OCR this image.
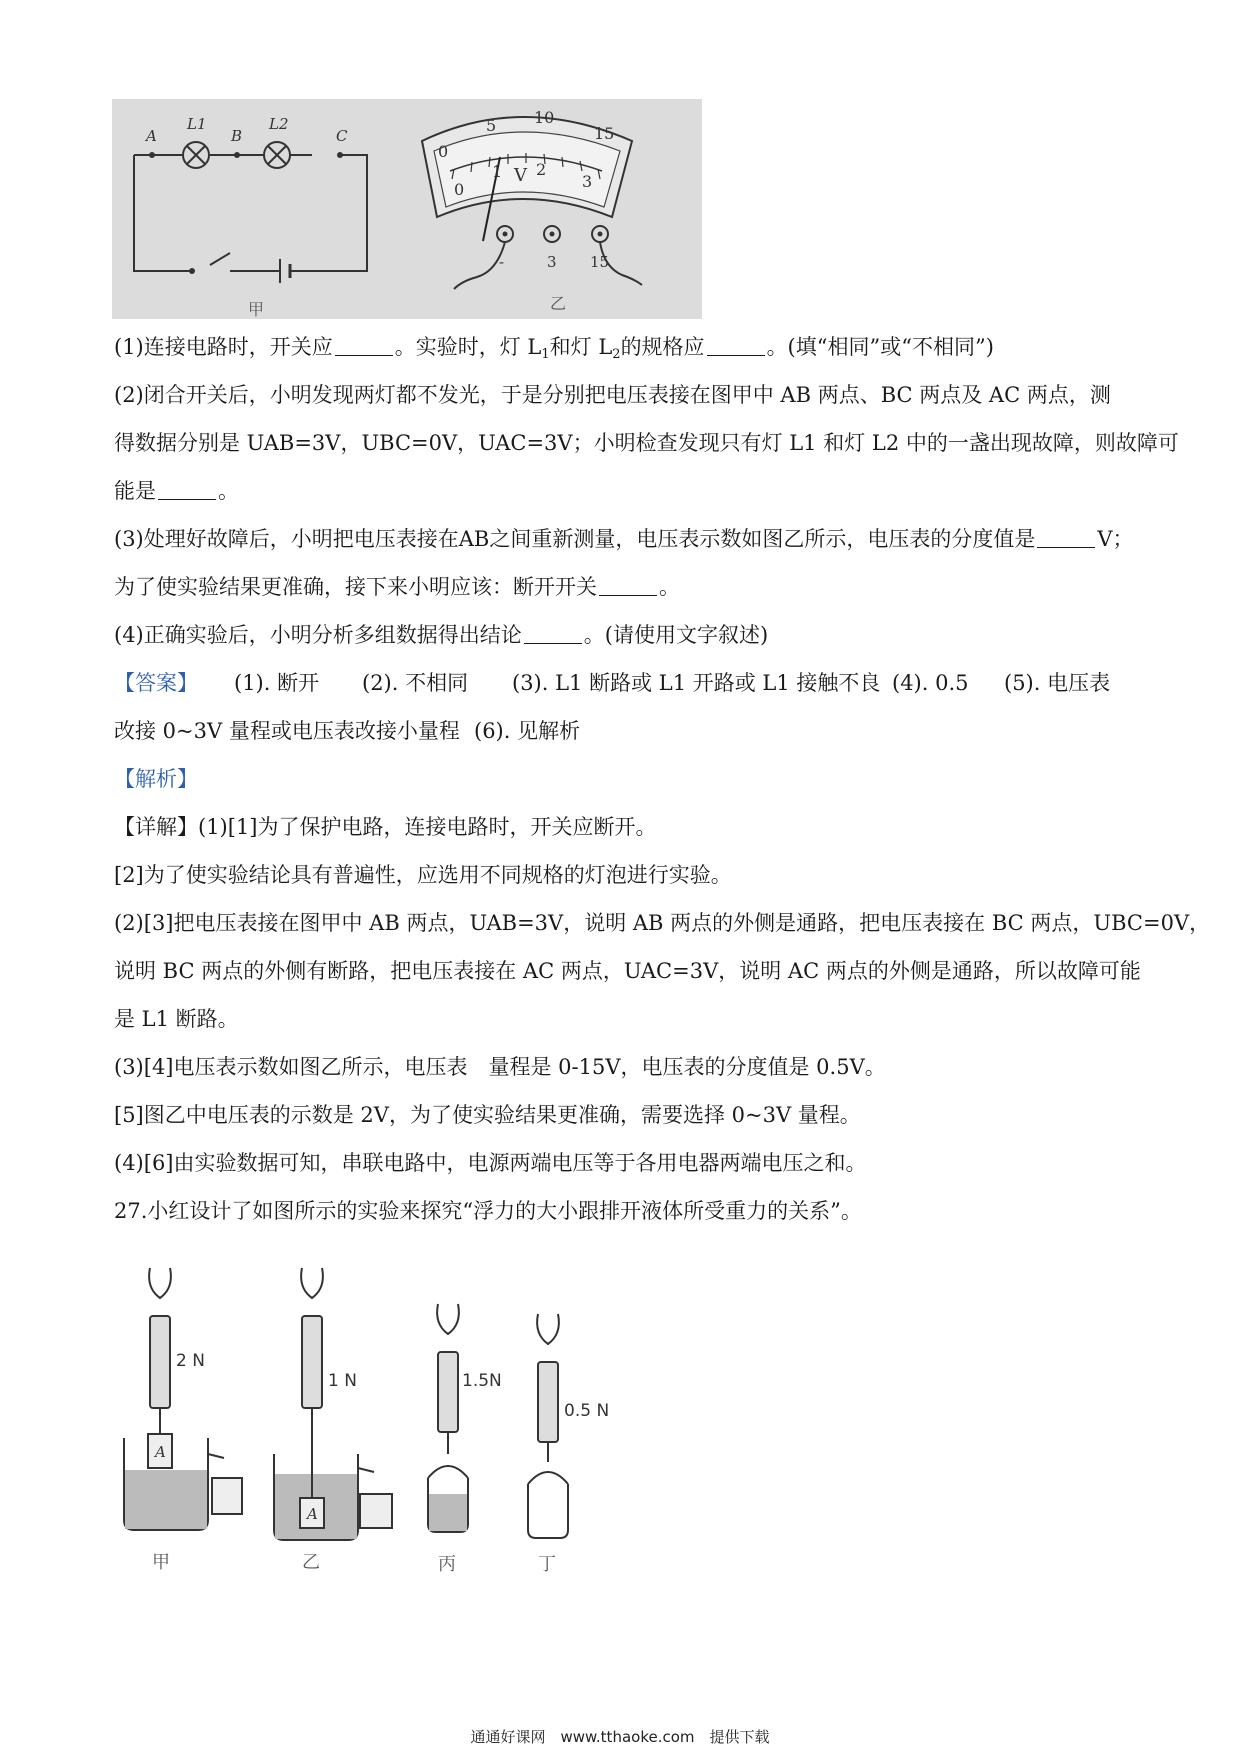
A	B	C
L1	L2
甲
0
5 10
15
0
1 2
3
V
-	3 15
乙
(1)连接电路时，开关应	。实验时，灯 $L_1$和灯 $L_2$的规格应	。(填“相同”或“不相同”)
(2)闭合开关后，小明发现两灯都不发光，于是分别把电压表接在图甲中 AB 两点、BC 两点及 AC 两点，测
得数据分别是 UAB=3V，UBC=0V，UAC=3V；小明检查发现只有灯 L1 和灯 L2 中的一盏出现故障，则故障可
能是	。
(3)处理好故障后，小明把电压表接在AB之间重新测量，电压表示数如图乙所示，电压表的分度值是	V；
为了使实验结果更准确，接下来小明应该：断开开关	。
(4)正确实验后，小明分析多组数据得出结论	。(请使用文字叙述)
【答案】 (1). 断开 (2). 不相同 (3). L1 断路或 L1 开路或 L1 接触不良 (4). 0.5 (5). 电压表
改接 0~3V 量程或电压表改接小量程 (6). 见解析
【解析】
【详解】(1)[1]为了保护电路，连接电路时，开关应断开。
[2]为了使实验结论具有普遍性，应选用不同规格的灯泡进行实验。
(2)[3]把电压表接在图甲中 AB 两点，UAB=3V，说明 AB 两点的外侧是通路，把电压表接在 BC 两点，UBC=0V，
说明 BC 两点的外侧有断路，把电压表接在 AC 两点，UAC=3V，说明 AC 两点的外侧是通路，所以故障可能
是 L1 断路。
(3)[4]电压表示数如图乙所示，电压表　量程是 0-15V，电压表的分度值是 0.5V。
[5]图乙中电压表的示数是 2V，为了使实验结果更准确，需要选择 0~3V 量程。
(4)[6]由实验数据可知，串联电路中，电源两端电压等于各用电器两端电压之和。
27.小红设计了如图所示的实验来探究“浮力的大小跟排开液体所受重力的关系”。
2 N
1 N	1.5N
0.5 N
A
A
甲	乙	丙	丁
通通好课网　www.tthaoke.com　提供下载
